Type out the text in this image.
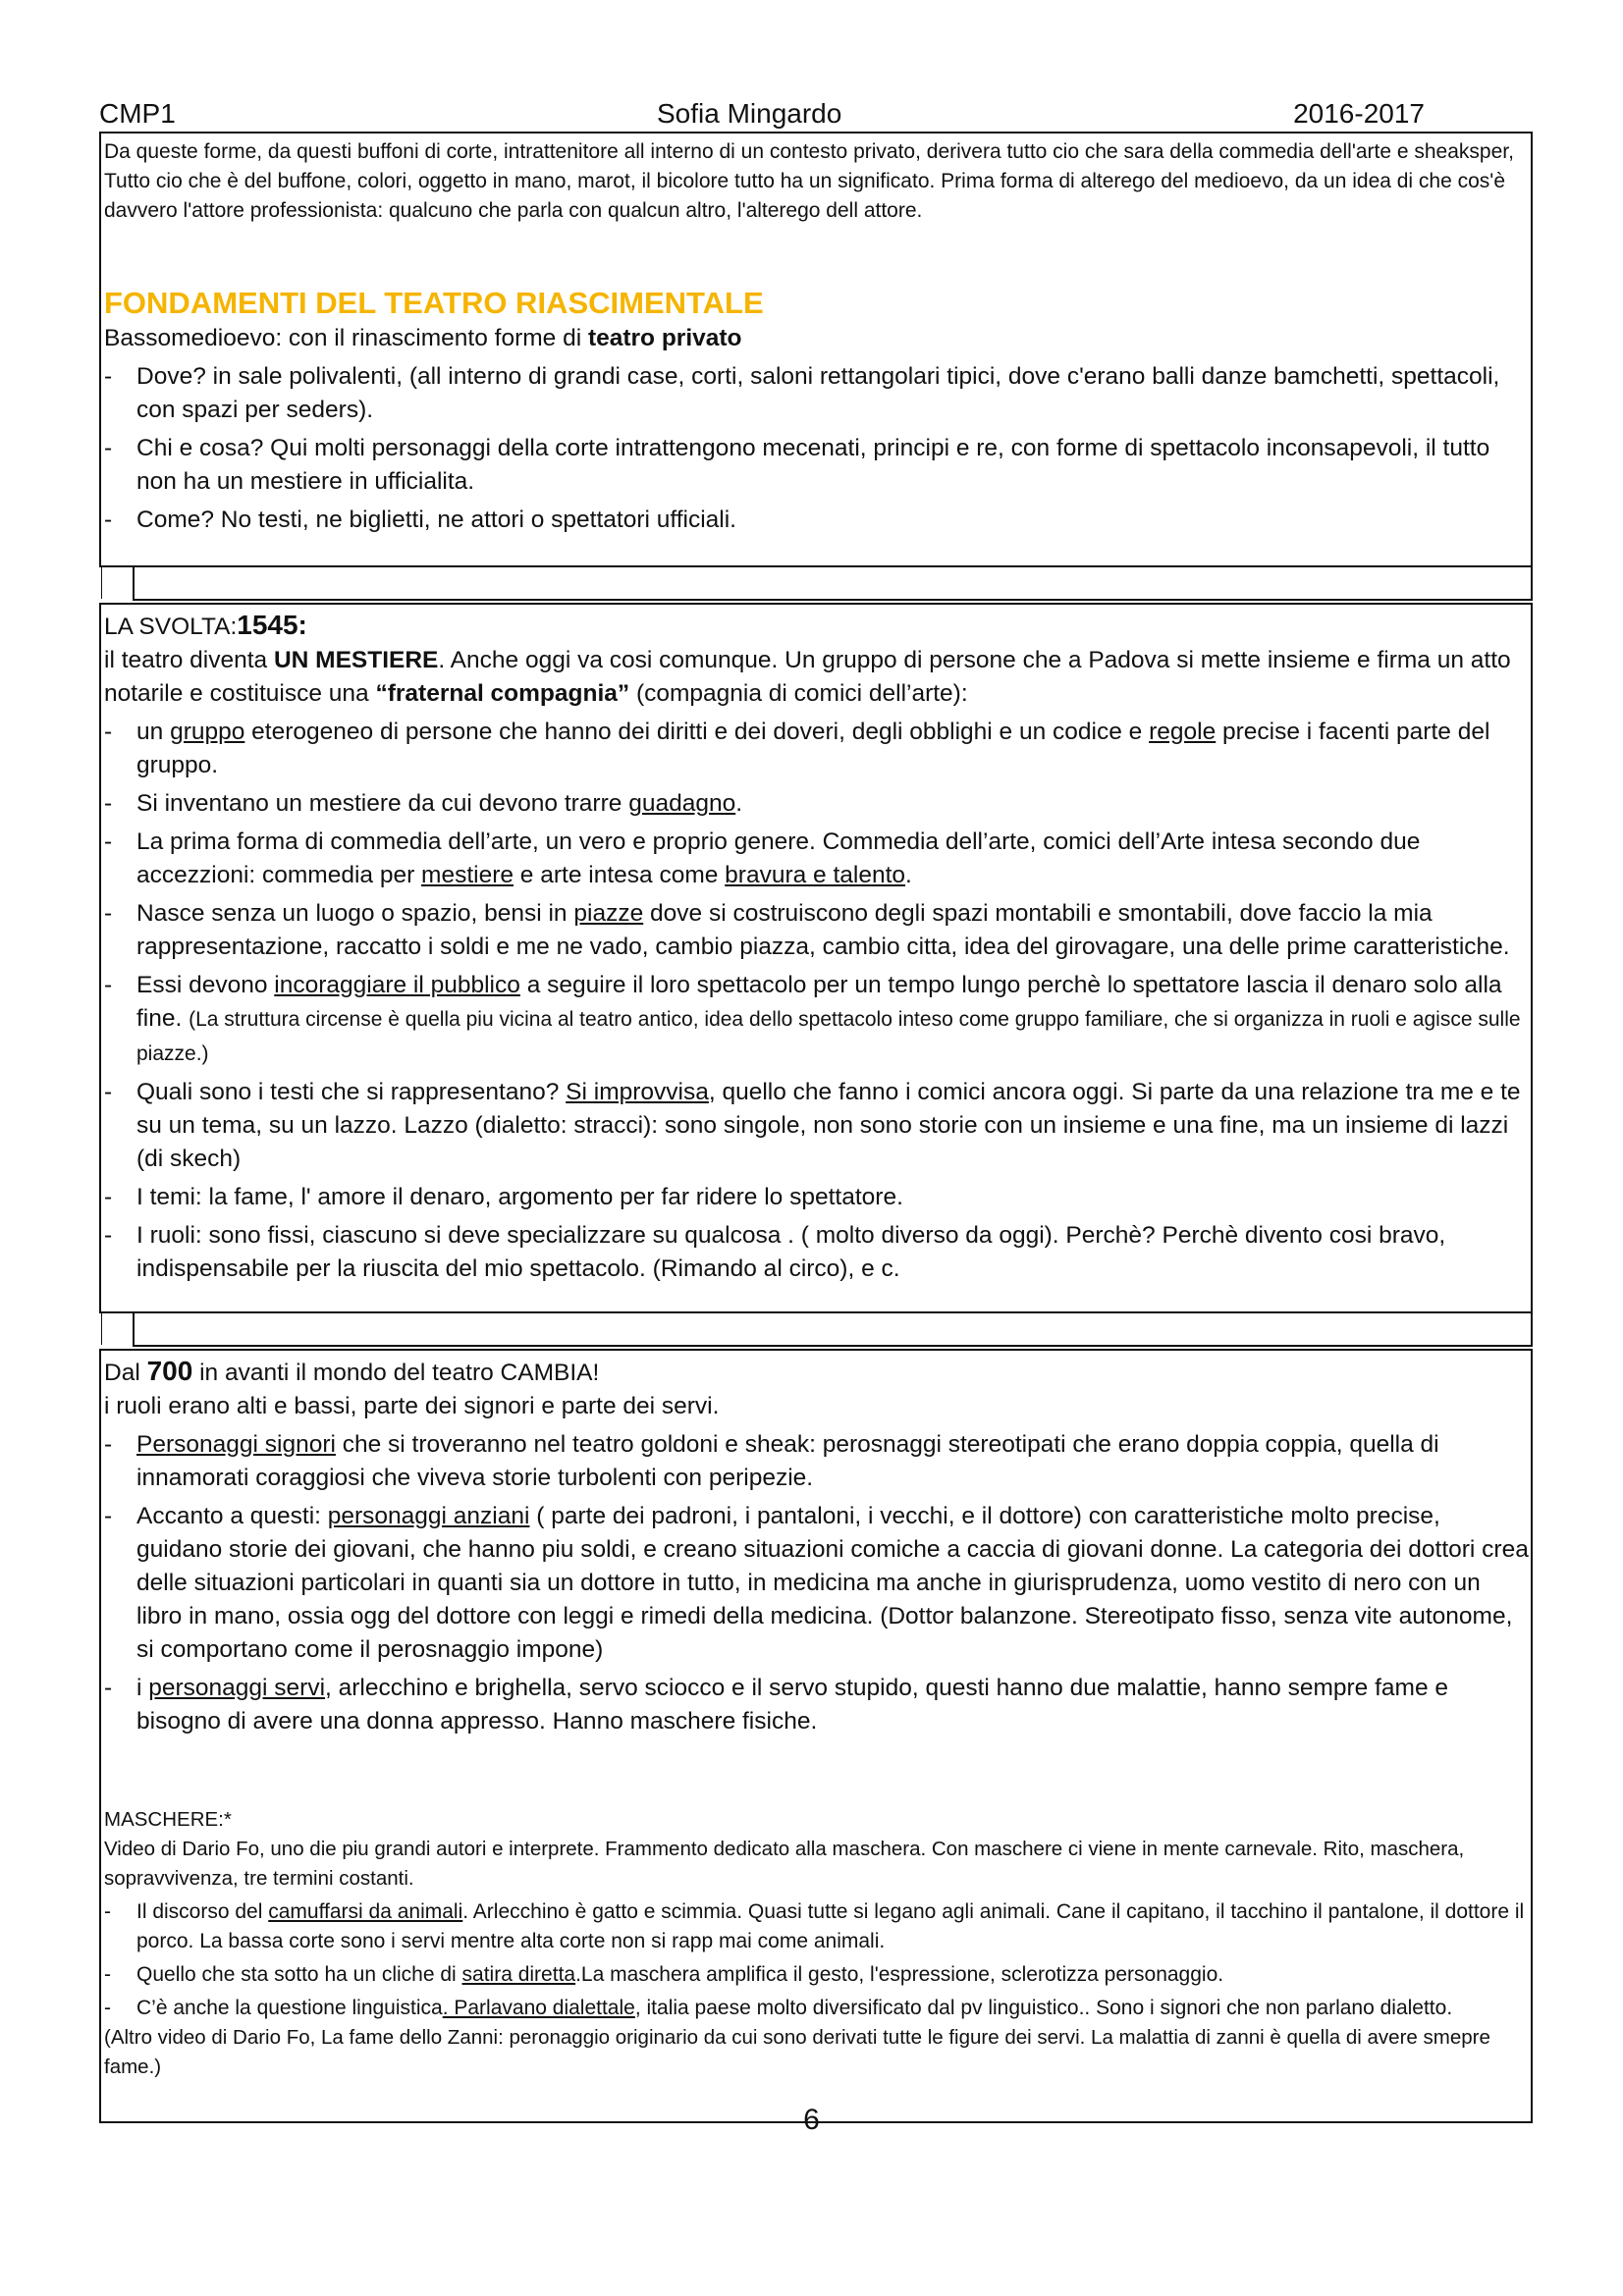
CMP1	Sofia Mingardo	2016-2017

Da queste forme, da questi buffoni di corte, intrattenitore all interno di un contesto privato, derivera tutto cio che sara della commedia dell'arte e sheaksper, Tutto cio che è del buffone, colori, oggetto in mano, marot, il bicolore tutto ha un significato. Prima forma di alterego del medioevo, da un idea di che cos'è davvero l'attore professionista: qualcuno che parla con qualcun altro, l'alterego dell attore.

FONDAMENTI DEL TEATRO RIASCIMENTALE

Bassomedioevo: con il rinascimento forme di teatro privato

- Dove? in sale polivalenti, (all interno di grandi case, corti, saloni rettangolari tipici, dove c'erano balli danze bamchetti, spettacoli, con spazi per seders).
- Chi e cosa? Qui molti personaggi della corte intrattengono mecenati, principi e re, con forme di spettacolo inconsapevoli, il tutto non ha un mestiere in ufficialita.
- Come? No testi, ne biglietti, ne attori o spettatori ufficiali.

LA SVOLTA:1545:

il teatro diventa UN MESTIERE. Anche oggi va cosi comunque. Un gruppo di persone che a Padova si mette insieme e firma un atto notarile e costituisce una “fraternal compagnia” (compagnia di comici dell’arte):

- un gruppo eterogeneo di persone che hanno dei diritti e dei doveri, degli obblighi e un codice e regole precise i facenti parte del gruppo.
- Si inventano un mestiere da cui devono trarre guadagno.
- La prima forma di commedia dell’arte, un vero e proprio genere. Commedia dell’arte, comici dell’Arte intesa secondo due accezzioni: commedia per mestiere e arte intesa come bravura e talento.
- Nasce senza un luogo o spazio, bensi in piazze dove si costruiscono degli spazi montabili e smontabili, dove faccio la mia rappresentazione, raccatto i soldi e me ne vado, cambio piazza, cambio citta, idea del girovagare, una delle prime caratteristiche.
- Essi devono incoraggiare il pubblico a seguire il loro spettacolo per un tempo lungo perchè lo spettatore lascia il denaro solo alla fine. (La struttura circense è quella piu vicina al teatro antico, idea dello spettacolo inteso come gruppo familiare, che si organizza in ruoli e agisce sulle piazze.)
- Quali sono i testi che si rappresentano? Si improvvisa, quello che fanno i comici ancora oggi. Si parte da una relazione tra me e te su un tema, su un lazzo. Lazzo (dialetto: stracci): sono singole, non sono storie con un insieme e una fine, ma un insieme di lazzi (di skech)
- I temi: la fame, l' amore il denaro, argomento per far ridere lo spettatore.
- I ruoli: sono fissi, ciascuno si deve specializzare su qualcosa . ( molto diverso da oggi). Perchè? Perchè divento cosi bravo, indispensabile per la riuscita del mio spettacolo. (Rimando al circo), e c.

Dal 700 in avanti il mondo del teatro CAMBIA!

i ruoli erano alti e bassi, parte dei signori e parte dei servi.

- Personaggi signori che si troveranno nel teatro goldoni e sheak: perosnaggi stereotipati che erano doppia coppia, quella di innamorati coraggiosi che viveva storie turbolenti con peripezie.
- Accanto a questi: personaggi anziani ( parte dei padroni, i pantaloni, i vecchi, e il dottore) con caratteristiche molto precise, guidano storie dei giovani, che hanno piu soldi, e creano situazioni comiche a caccia di giovani donne. La categoria dei dottori crea delle situazioni particolari in quanti sia un dottore in tutto, in medicina ma anche in giurisprudenza, uomo vestito di nero con un libro in mano, ossia ogg del dottore con leggi e rimedi della medicina. (Dottor balanzone. Stereotipato fisso, senza vite autonome, si comportano come il perosnaggio impone)
- i personaggi servi, arlecchino e brighella, servo sciocco e il servo stupido, questi hanno due malattie, hanno sempre fame e bisogno di avere una donna appresso. Hanno maschere fisiche.

MASCHERE:*

Video di Dario Fo, uno die piu grandi autori e interprete. Frammento dedicato alla maschera. Con maschere ci viene in mente carnevale. Rito, maschera, sopravvivenza, tre termini costanti.

- Il discorso del camuffarsi da animali. Arlecchino è gatto e scimmia. Quasi tutte si legano agli animali. Cane il capitano, il tacchino il pantalone, il dottore il porco. La bassa corte sono i servi mentre alta corte non si rapp mai come animali.
- Quello che sta sotto ha un cliche di satira diretta.La maschera amplifica il gesto, l'espressione, sclerotizza personaggio.
- C’è anche la questione linguistica. Parlavano dialettale, italia paese molto diversificato dal pv linguistico.. Sono i signori che non parlano dialetto.

(Altro video di Dario Fo, La fame dello Zanni: peronaggio originario da cui sono derivati tutte le figure dei servi. La malattia di zanni è quella di avere smepre fame.)

6
